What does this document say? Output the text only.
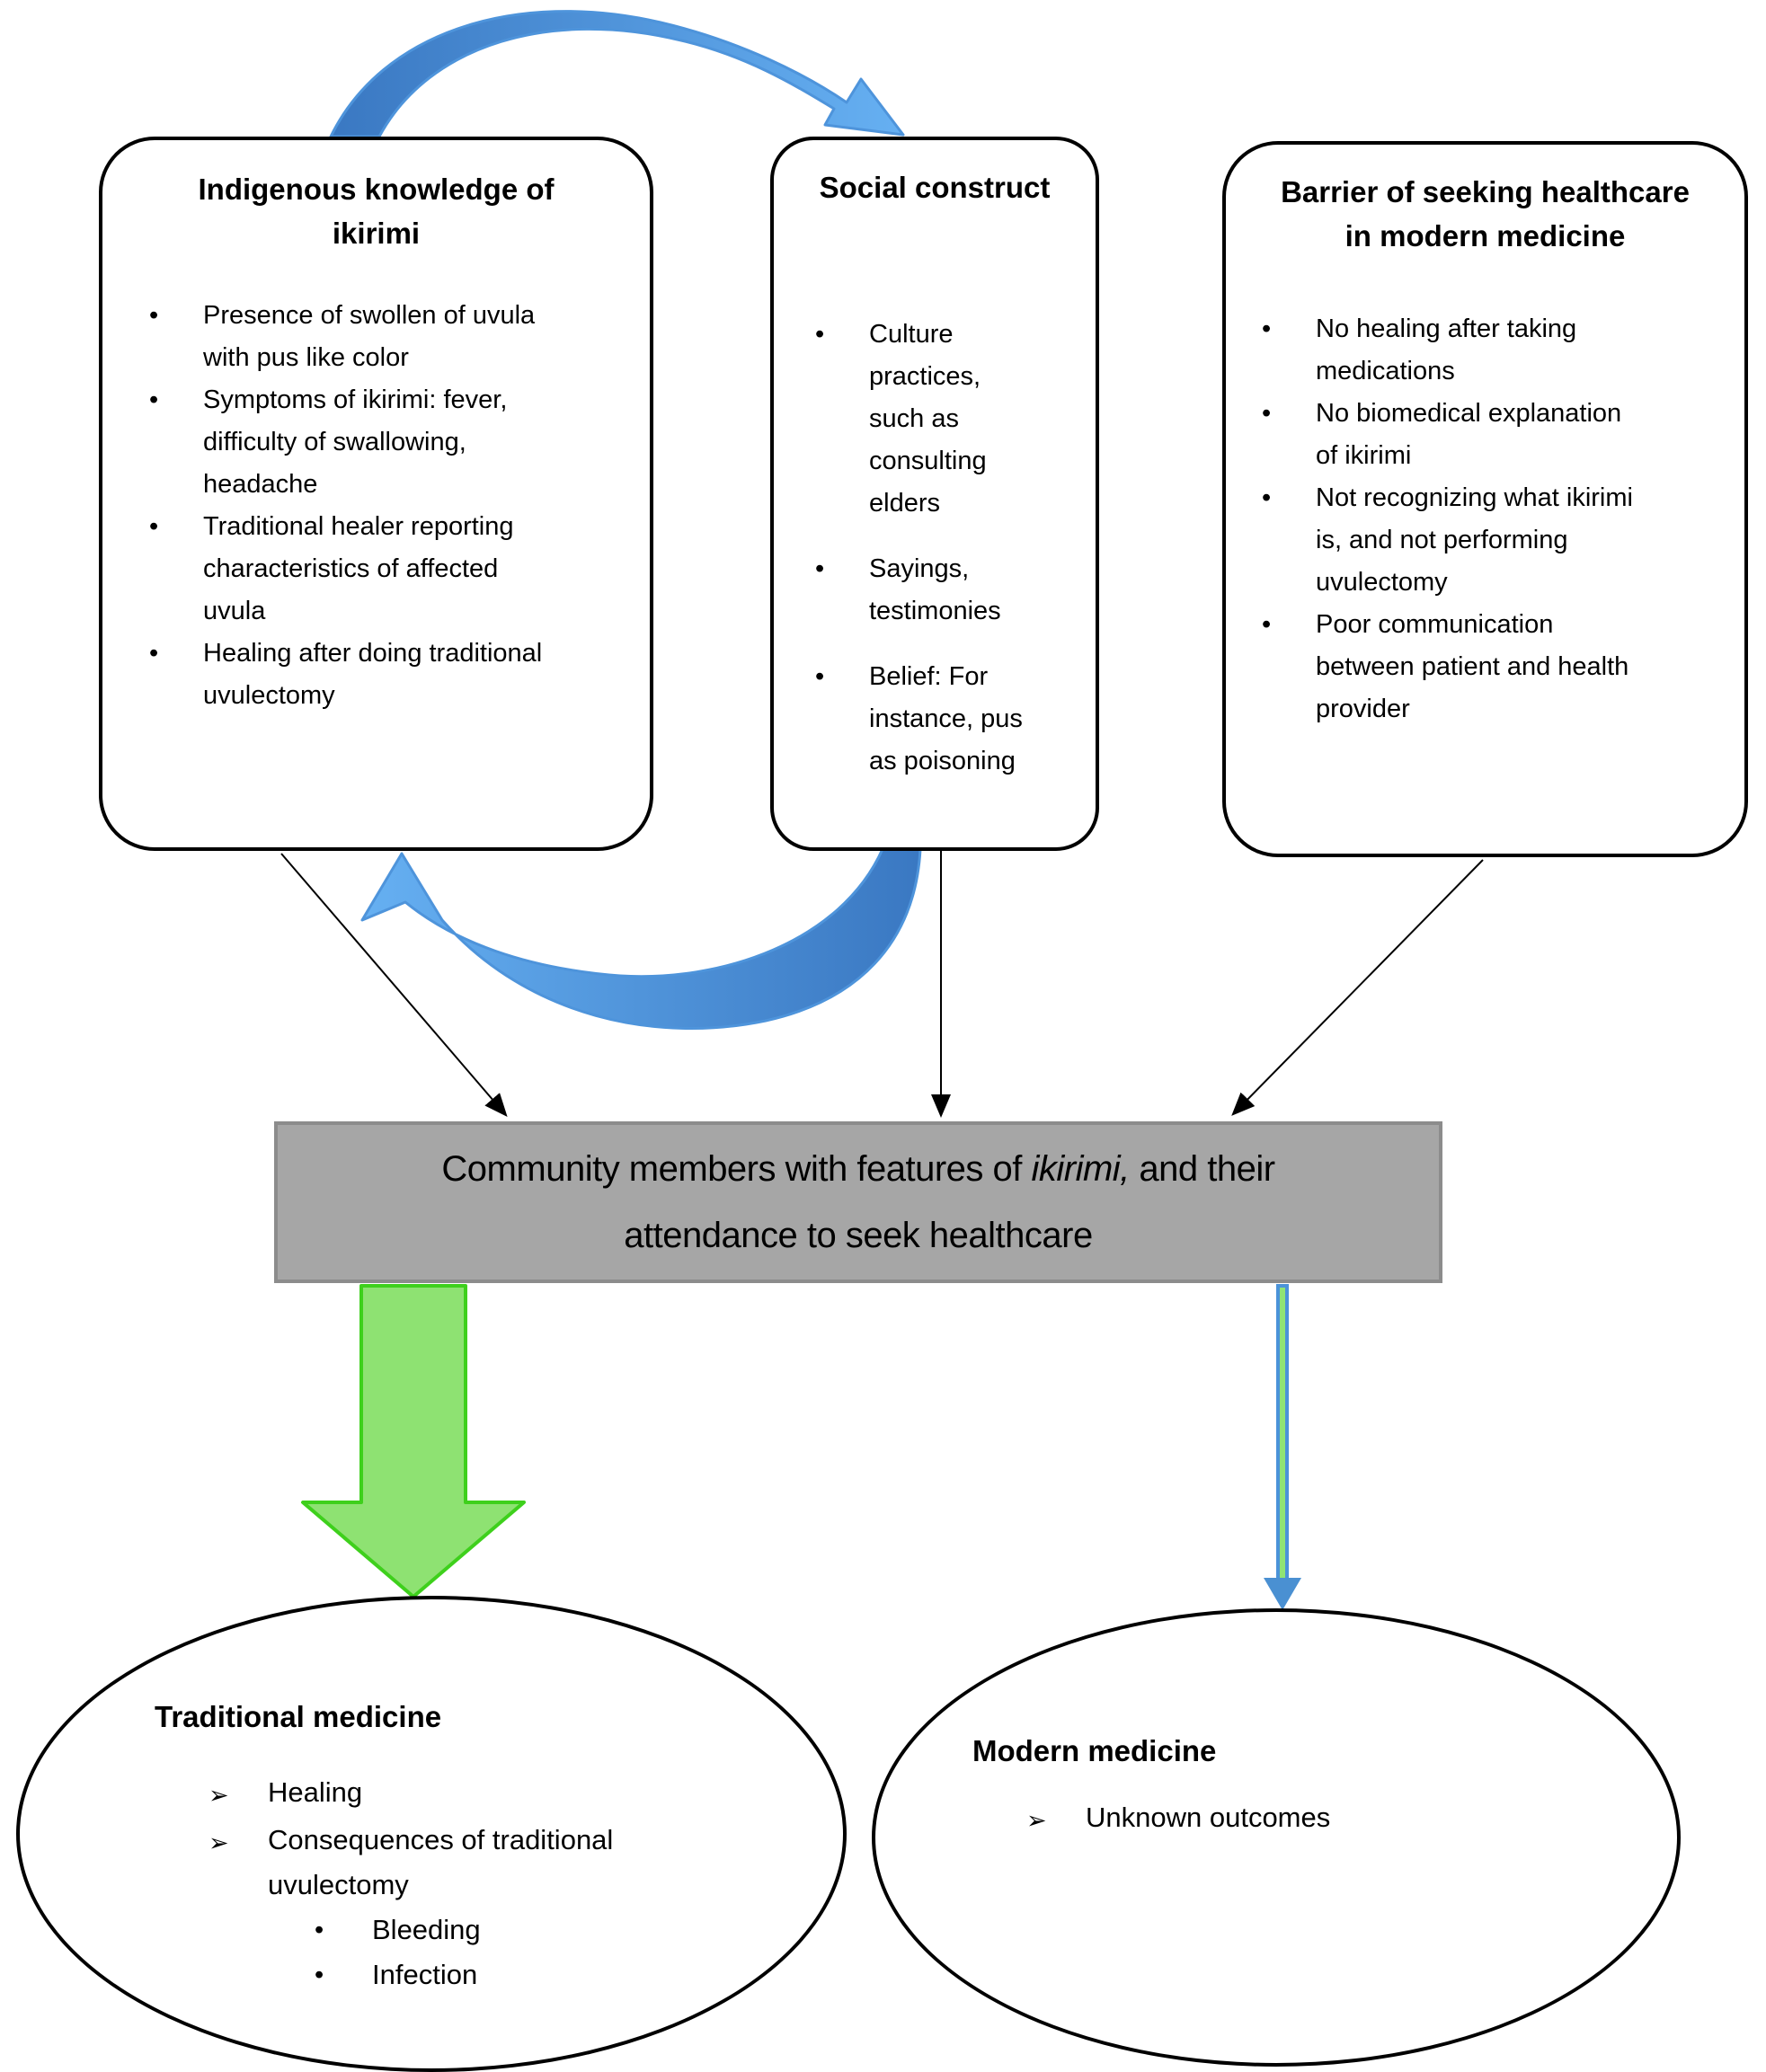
Indigenous knowledge of
ikirimi
•	Presence of swollen of uvula with pus like color
•	Symptoms of ikirimi: fever, difficulty of swallowing, headache
•	Traditional healer reporting characteristics of affected uvula
•	Healing after doing traditional uvulectomy
Social construct
•	Culture practices, such as consulting elders
•	Sayings, testimonies
•	Belief: For instance, pus as poisoning
Barrier of seeking healthcare
in modern medicine
•	No healing after taking medications
•	No biomedical explanation of ikirimi
•	Not recognizing what ikirimi is, and not performing uvulectomy
•	Poor communication between patient and health provider
Community members with features of ikirimi, and their
attendance to seek healthcare
Traditional medicine
➢	Healing
➢	Consequences of traditional uvulectomy
•	Bleeding
•	Infection
Modern medicine
➢	Unknown outcomes
